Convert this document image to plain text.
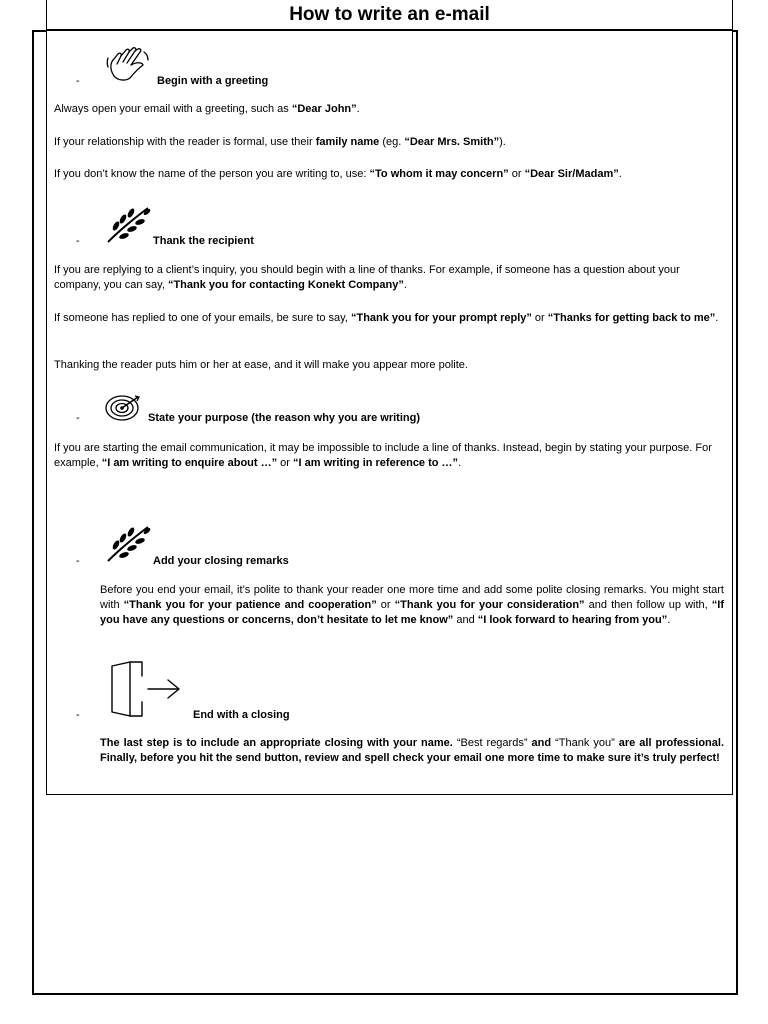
How to write an e-mail
-	Begin with a greeting

Always open your email with a greeting, such as “Dear John”.

If your relationship with the reader is formal, use their family name (eg. “Dear Mrs. Smith”).

If you don’t know the name of the person you are writing to, use: “To whom it may concern” or “Dear Sir/Madam”.

-	Thank the recipient

If you are replying to a client’s inquiry, you should begin with a line of thanks. For example, if someone has a question about your company, you can say, “Thank you for contacting Konekt Company”.

If someone has replied to one of your emails, be sure to say, “Thank you for your prompt reply” or “Thanks for getting back to me”.

Thanking the reader puts him or her at ease, and it will make you appear more polite.

-	State your purpose (the reason why you are writing)

If you are starting the email communication, it may be impossible to include a line of thanks. Instead, begin by stating your purpose. For example, “I am writing to enquire about …” or “I am writing in reference to …”.

-	Add your closing remarks

Before you end your email, it’s polite to thank your reader one more time and add some polite closing remarks. You might start with “Thank you for your patience and cooperation” or “Thank you for your consideration” and then follow up with, “If you have any questions or concerns, don’t hesitate to let me know” and “I look forward to hearing from you”.

-	End with a closing

The last step is to include an appropriate closing with your name. “Best regards” and “Thank you” are all professional. Finally, before you hit the send button, review and spell check your email one more time to make sure it’s truly perfect!
